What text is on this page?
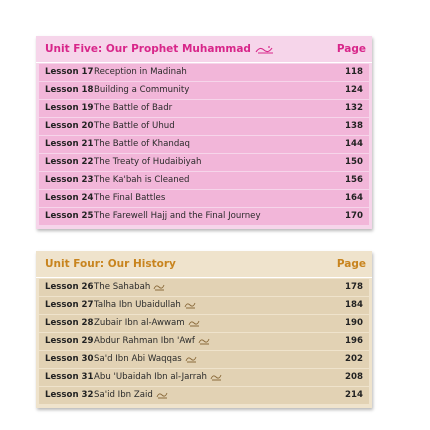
Unit Five: Our Prophet Muhammad	Page
Lesson 17 Reception in Madinah	118
Lesson 18 Building a Community	124
Lesson 19 The Battle of Badr	132
Lesson 20 The Battle of Uhud	138
Lesson 21 The Battle of Khandaq	144
Lesson 22 The Treaty of Hudaibiyah	150
Lesson 23 The Ka'bah is Cleaned	156
Lesson 24 The Final Battles	164
Lesson 25 The Farewell Hajj and the Final Journey	170
Unit Four: Our History	Page
Lesson 26 The Sahabah	178
Lesson 27 Talha Ibn Ubaidullah	184
Lesson 28 Zubair Ibn al-Awwam	190
Lesson 29 Abdur Rahman Ibn 'Awf	196
Lesson 30 Sa'd Ibn Abi Waqqas	202
Lesson 31 Abu 'Ubaidah Ibn al-Jarrah	208
Lesson 32 Sa'id Ibn Zaid	214
